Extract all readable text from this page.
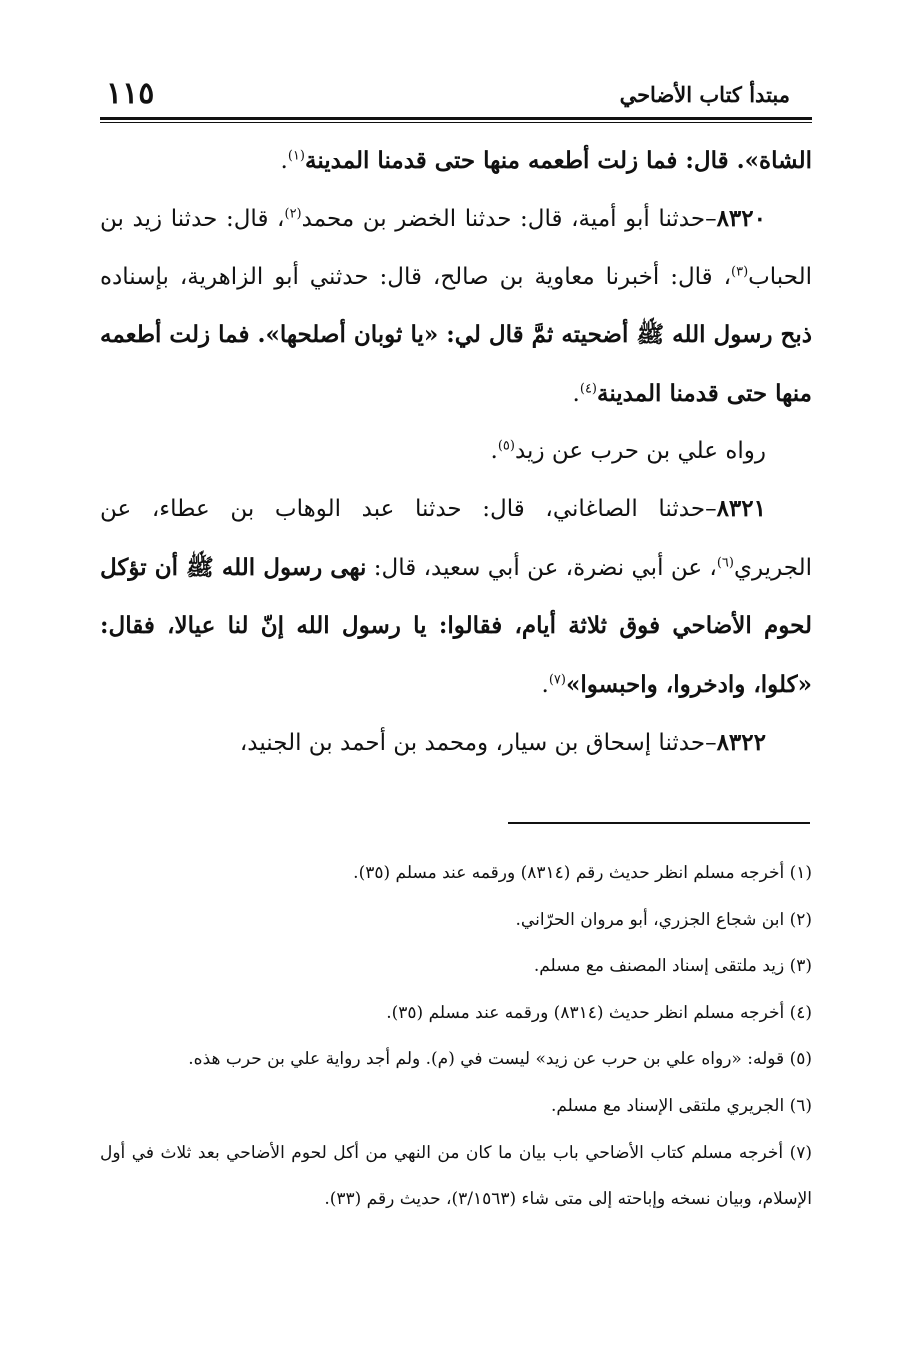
١١٥	مبتدأ كتاب الأضاحي

الشاة». قال: فما زلت أطعمه منها حتى قدمنا المدينة$^{(١)}$.

٨٣٢٠–حدثنا أبو أمية، قال: حدثنا الخضر بن محمد$^{(٢)}$، قال: حدثنا زيد بن الحباب$^{(٣)}$، قال: أخبرنا معاوية بن صالح، قال: حدثني أبو الزاهرية، بإسناده ذبح رسول الله ﷺ أضحيته ثمَّ قال لي: «يا ثوبان أصلحها». فما زلت أطعمه منها حتى قدمنا المدينة$^{(٤)}$.

رواه علي بن حرب عن زيد$^{(٥)}$.

٨٣٢١–حدثنا الصاغاني، قال: حدثنا عبد الوهاب بن عطاء، عن الجريري$^{(٦)}$، عن أبي نضرة، عن أبي سعيد، قال: نهى رسول الله ﷺ أن تؤكل لحوم الأضاحي فوق ثلاثة أيام، فقالوا: يا رسول الله إنّ لنا عيالا، فقال: «كلوا، وادخروا، واحبسوا»$^{(٧)}$.

٨٣٢٢–حدثنا إسحاق بن سيار، ومحمد بن أحمد بن الجنيد،

(١) أخرجه مسلم انظر حديث رقم (٨٣١٤) ورقمه عند مسلم (٣٥).

(٢) ابن شجاع الجزري، أبو مروان الحرّاني.

(٣) زيد ملتقى إسناد المصنف مع مسلم.

(٤) أخرجه مسلم انظر حديث (٨٣١٤) ورقمه عند مسلم (٣٥).

(٥) قوله: «رواه علي بن حرب عن زيد» ليست في (م). ولم أجد رواية علي بن حرب هذه.

(٦) الجريري ملتقى الإسناد مع مسلم.

(٧) أخرجه مسلم كتاب الأضاحي باب بيان ما كان من النهي من أكل لحوم الأضاحي بعد ثلاث في أول الإسلام، وبيان نسخه وإباحته إلى متى شاء (٣/١٥٦٣)، حديث رقم (٣٣).
